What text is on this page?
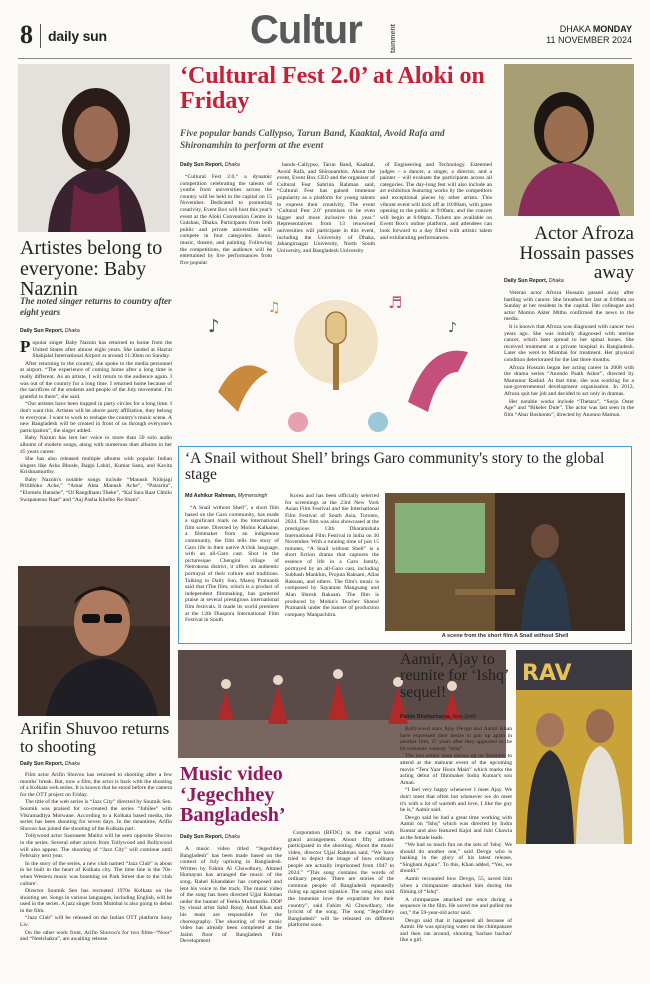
8 daily sun	Cultur	tainment	DHAKA MONDAY
11 NOVEMBER 2024
Artistes belong to everyone: Baby Naznin
The noted singer returns to country after eight years
Daily Sun Report, Dhaka

Popular singer Baby Naznin has returned to home from the United States after almost eight years. She landed at Hazrat Shahjalal International Airport at around 11:30am on Sunday.

After returning to the country, she spoke to the media personnel at airport. “The experience of coming home after a long time is really different. As an artiste, I will return to the audience again. I was out of the country for a long time. I returned home because of the sacrifices of the students and people of the July movement. I'm grateful to them”, she said.

“Our artistes have been trapped in party circles for a long time. I don't want this. Artistes will be above party affiliation, they belong to everyone. I want to work to reshape the country's music scene. A new Bangladesh will be created in front of us through everyone's participation”, the singer added.

Baby Naznin has lent her voice to more than 50 solo audio albums of modern songs, along with numerous duet albums in her 45 years career.

She has also released multiple albums with popular Indian singers like Asha Bhosle, Bappi Lahiri, Kumar Sanu, and Kavita Krishnamurthy.

Baby Naznin's notable songs include “Manush Nidojagi Pritibhiko Ache,” “Amar Akta Manush Ache”, “Patrarita”, “Elomelo Batashe”, “Oi Rangdhanu Theke”, “Kal Sara Raat Chhilo Swapanerao Raat” and “Aaj Pasha Khelbo Re Sham”.

Arifin Shuvoo returns to shooting
Daily Sun Report, Dhaka

Film actor Arifin Shuvoo has returned to shooting after a few months' break. But, now a film, the actor is back with the shooting of a Kolkata web series. It is known that he stood before the camera for the OTT project on Friday.

The title of the web series is “Jazz City” directed by Soumik Sen. Soumik was praised for co-created the series “Jubilee” with Vikramaditya Motwane. According to a Kolkata based media, the series has been shooting for seven days. In the meantime, Arifin Shuvoo has joined the shooting of the Kolkata part.

Tollywood actor Saurasent Mailra will be seen opposite Shuvoo in the series. Several other actors from Tollywood and Bollywood will also appear. The shooting of “Jazz City” will continue until February next year.

In the story of the series, a new club named “Jazz Club” is about to be built in the heart of Kolkata city. The time line is the 70s- when Western music was booming on Park Street due to the 'club culture'.

Director Soumik Sen has recreated 1970s Kolkata on the shooting set. Songs in various languages, including English, will be used in the series. A jazz singer from Mumbai is also going to debut in the film.

“Jazz Club” will be released on the Indian OTT platform Sony Liv.

On the other work front, Arifin Shuvoo's for two films–“Noor” and “Neelchakra”, are awaiting release.

‘Cultural Fest 2.0’ at Aloki on Friday
Five popular bands Callypso, Tarun Band, Kaaktal, Avoid Rafa and Shironamhin to perform at the event
Daily Sun Report, Dhaka
“Cultural Fest 2.0,” a dynamic competition celebrating the talents of youths from universities across the country will be held in the capital on 15 November. Dedicated to promoting creativity, Event Box will host this year's event at the Aloki Convention Centre in Gulshan, Dhaka. Participants from both public and private universities will compete in four categories: dance, music, theatre, and painting. Following the competitions, the audience will be entertained by live performances from five popular
bands–Callypso, Tarun Band, Kaaktal, Avoid Rafa, and Shironamhin. About the event, Event Box CEO and the organiser of Cultural Fest Sabrina Rahman said, “Cultural Fest has gained immense popularity as a platform for young talents to express their creativity. The event ‘Cultural Fest 2.0’ promises to be even bigger and more inclusive this year.” Representatives from 13 renowned universities will participate in this event, including the University of Dhaka, Jahangirnagar University, North South University, and Bangladesh University
of Engineering and Technology. Esteemed judges – a dancer, a singer, a director, and a painter – will evaluate the participants across all categories. The day-long fest will also include an art exhibition featuring works by the competitors and exceptional pieces by other artists. This vibrant event will kick off at 10:00am, with gates opening to the public at 9:00am, and the concert will begin at 6:00pm. Tickets are available on Event Box's online platform, and attendees can look forward to a day filled with artistic talent and exhilarating performances.
♪
♫	♬
♪
Actor Afroza Hossain passes away
Daily Sun Report, Dhaka

Veteran actor Afroza Hossain passed away after battling with cancer. She breathed her last at 6:00am on Sunday at her resident in the capital. Her colleague and actor Momin Akter Mithu confirmed the news to the media.

It is known that Afroza was diagnosed with cancer two years ago. She was initially diagnosed with uterine cancer, which later spread to her spinal bones. She received treatment at a private hospital in Bangladesh. Later she went to Mumbai for treatment. Her physical condition deteriorated for the last three months.

Afroza Hossain began her acting career in 2008 with the drama series “Anondo Paath Ashor”, directed by Mamunur Rashid. At that time, she was working for a non-governmental development organisation. In 2013, Afroza quit her job and decided to act only in dramas.

Her notable works include “Thetara”, “Surjo Oster Age” and “Bikeler Dule”. The actor was last seen in the film “Abar Boshonto”, directed by Anonno Mamun.

‘A Snail without Shell’ brings Garo community's story to the global stage
Md Ashikur Rahman, Mymensingh
“A Snail without Shell”, a short film based on the Garo community, has made a significant mark on the international film scene. Directed by Mohin Kalkaine, a filmmaker from an indigenous community, the film tells the story of Garo life in their native A'chik language, with an all-Garo cast. Shot in the picturesque Chengini village of Netrokona district, it offers an authentic portrayal of their culture and traditions. Talking to Daily Sun, Manoj Pramanik said that tThe film, which is a product of independent filmmaking, has garnered praise at several prestigious international film festivals. It made its world premiere at the 12th Diaspora International Film Festival in South
Korea and has been officially selected for screenings at the 23rd New York Asian Film Festival and the International Film Festival of South Asia, Toronto, 2024. The film was also showcased at the prestigious 13th Dharamshala International Film Festival in India on 30 November. With a running time of just 15 minutes, “A Snail without Shell” is a short fiction drama that captures the essence of life in a Garo family, portrayed by an all-Garo cast, including Subhash Mankhin, Projuta Raksam, Allas Raksam, and others. The film's music is composed by Sayantan Mangsang and Alan Shresh Raksam. The film is produced by Mohin's Teacher Shanol Pramanik under the banner of production company Manpachitra.
A scene from the short film A Snail without Shell
Music video ‘Jegechhey Bangladesh’
Daily Sun Report, Dhaka
A music video titled “Jegechhey Bangladesh” has been made based on the context of July uprising in Bangladesh. Written by Fahim Al Chowdhury, Ahmed Humayun has arranged the music of the song. Rahel Khandaker has composed and lent his voice to the track. The music video of the song has been directed Ujjal Rahman under the banner of Feeha Multimedia. DOP by visual artist Sahil Rony, Asad Khan and his team are responsible for the choreography. The shooting of the music video has already been completed at the Jasim floor of Bangladesh Film Development
Corporation (BFDC) in the capital with grand arrangement. About fifty artistes participated in the shooting. About the music video, director Ujjal Rahman said, “We have tried to depict the image of how ordinary people are actually imprisoned from 1947 to 2024.” “This song contains the words of ordinary people. There are stories of the common people of Bangladesh repeatedly rising up against injustice. The song also said the immense love the expatriate for their country”, said Fahim Al Chowdhury, the lyricist of the song. The song “Jegechhey Bangladesh” will be released on different platforms soon.
Aamir, Ajay to reunite for ‘Ishq’ sequel!
Pallab Bhattacharya, New Delhi

Bollywood stars Ajay Devgn and Aamir Khan have expressed their desire to pair up again in another film, 27 years after they appeared in the hit romantic comedy “Ishq”.

The two actors were shown up on Saturday to attend at the mahurat event of the upcoming movie “Tera Yaar Hoon Main” which marks the acting debut of filmmaker Indra Kumar's son Aman.

“I feel very happy whenever I meet Ajay. We don't meet that often but whenever we do meet it's with a lot of warmth and love, I like the guy he is,” Aamir said.

Devgn said he had a great time working with Aamir on “Ishq” which was directed by Indra Kumar and also featured Kajol and Juhi Chawla as the female leads.

“We had so much fun on the sets of 'Ishq'. We should do another one,” said Devgn who is basking in the glory of his latest release, “Singham Again”. To this, Khan added, “Yes, we should.”

Aamir recounted how Devgn, 55, saved him when a chimpanzee attacked him during the filming of “Ishq”.

A chimpanzee attacked me once during a sequence in the film. He saved me and pulled me out,” the 59-year-old actor said.

Devgn said that it happened all because of Aamir. He was spraying water on the chimpanzee and then ran around, shouting 'bachao bachao' like a girl.

RAV
